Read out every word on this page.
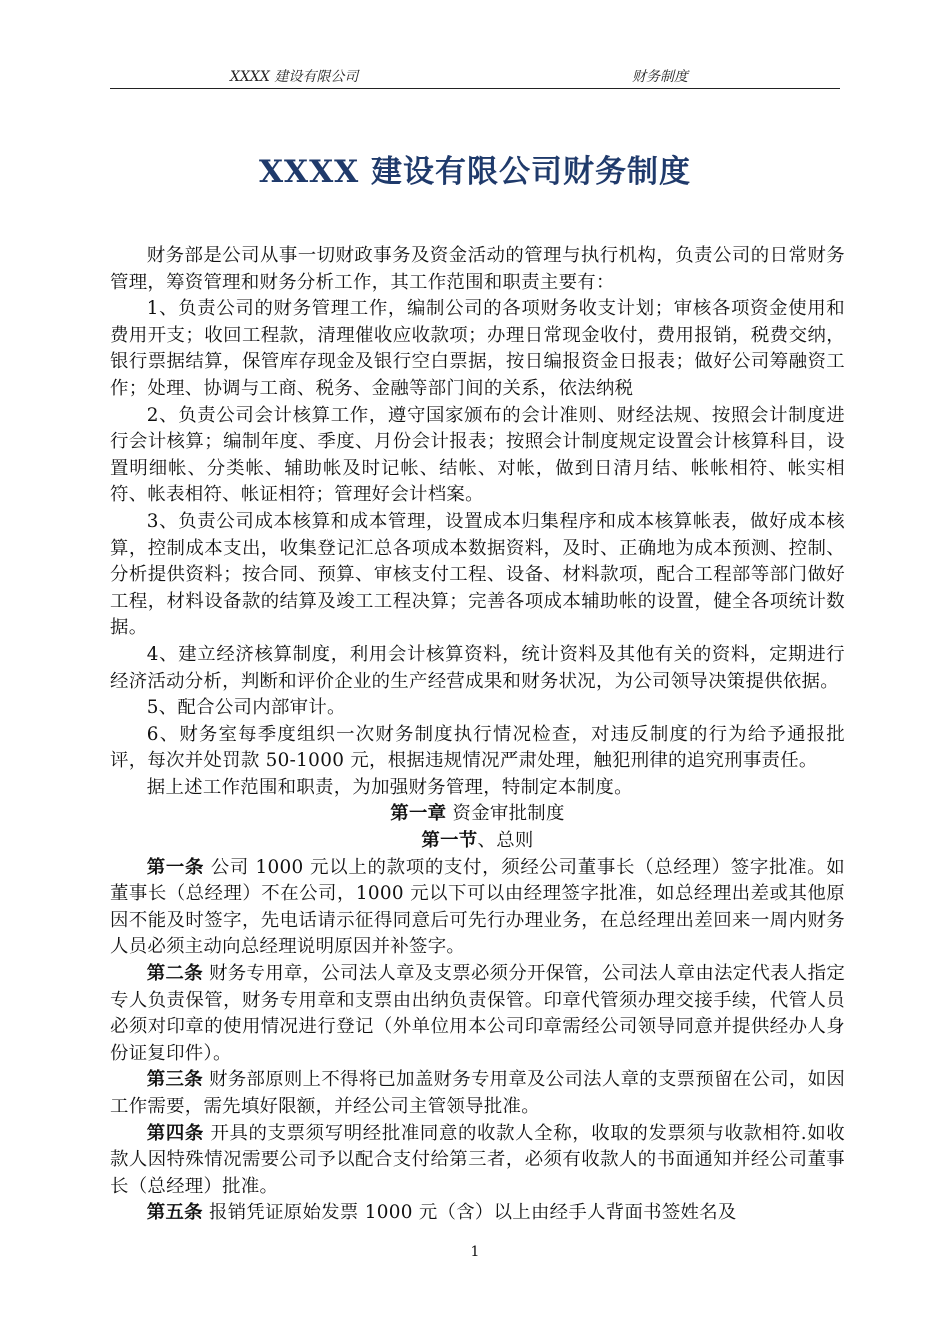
XXXX 建设有限公司	财务制度
XXXX 建设有限公司财务制度

财务部是公司从事一切财政事务及资金活动的管理与执行机构，负责公司的日常财务管理，筹资管理和财务分析工作，其工作范围和职责主要有：

1、负责公司的财务管理工作，编制公司的各项财务收支计划；审核各项资金使用和费用开支；收回工程款，清理催收应收款项；办理日常现金收付，费用报销，税费交纳，银行票据结算，保管库存现金及银行空白票据，按日编报资金日报表；做好公司筹融资工作；处理、协调与工商、税务、金融等部门间的关系，依法纳税

2、负责公司会计核算工作，遵守国家颁布的会计准则、财经法规、按照会计制度进行会计核算；编制年度、季度、月份会计报表；按照会计制度规定设置会计核算科目，设置明细帐、分类帐、辅助帐及时记帐、结帐、对帐，做到日清月结、帐帐相符、帐实相符、帐表相符、帐证相符；管理好会计档案。

3、负责公司成本核算和成本管理，设置成本归集程序和成本核算帐表，做好成本核算，控制成本支出，收集登记汇总各项成本数据资料，及时、正确地为成本预测、控制、分析提供资料；按合同、预算、审核支付工程、设备、材料款项，配合工程部等部门做好工程，材料设备款的结算及竣工工程决算；完善各项成本辅助帐的设置，健全各项统计数据。

4、建立经济核算制度，利用会计核算资料，统计资料及其他有关的资料，定期进行经济活动分析，判断和评价企业的生产经营成果和财务状况，为公司领导决策提供依据。

5、配合公司内部审计。

6、财务室每季度组织一次财务制度执行情况检查，对违反制度的行为给予通报批评，每次并处罚款 50-1000 元，根据违规情况严肃处理，触犯刑律的追究刑事责任。

据上述工作范围和职责，为加强财务管理，特制定本制度。

第一章 资金审批制度

第一节、总则

第一条 公司 1000 元以上的款项的支付，须经公司董事长（总经理）签字批准。如董事长（总经理）不在公司，1000 元以下可以由经理签字批准，如总经理出差或其他原因不能及时签字，先电话请示征得同意后可先行办理业务，在总经理出差回来一周内财务人员必须主动向总经理说明原因并补签字。

第二条 财务专用章，公司法人章及支票必须分开保管，公司法人章由法定代表人指定专人负责保管，财务专用章和支票由出纳负责保管。印章代管须办理交接手续，代管人员必须对印章的使用情况进行登记（外单位用本公司印章需经公司领导同意并提供经办人身份证复印件）。

第三条 财务部原则上不得将已加盖财务专用章及公司法人章的支票预留在公司，如因工作需要，需先填好限额，并经公司主管领导批准。

第四条 开具的支票须写明经批准同意的收款人全称，收取的发票须与收款相符.如收款人因特殊情况需要公司予以配合支付给第三者，必须有收款人的书面通知并经公司董事长（总经理）批准。

第五条 报销凭证原始发票 1000 元（含）以上由经手人背面书签姓名及

1
